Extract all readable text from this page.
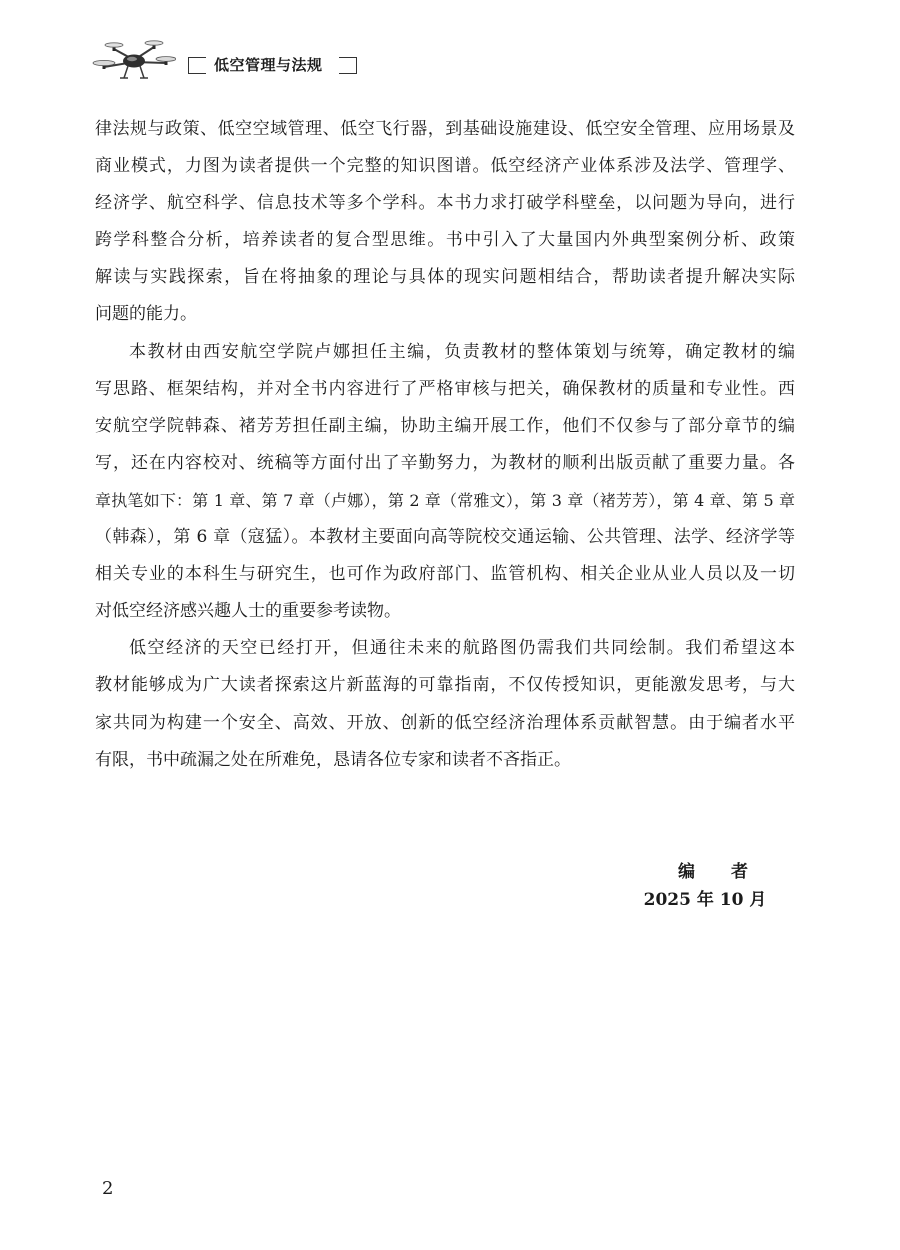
低空管理与法规
律法规与政策、低空空域管理、低空飞行器，到基础设施建设、低空安全管理、应用场景及
商业模式，力图为读者提供一个完整的知识图谱。低空经济产业体系涉及法学、管理学、
经济学、航空科学、信息技术等多个学科。本书力求打破学科壁垒，以问题为导向，进行
跨学科整合分析，培养读者的复合型思维。书中引入了大量国内外典型案例分析、政策
解读与实践探索，旨在将抽象的理论与具体的现实问题相结合，帮助读者提升解决实际
问题的能力。
本教材由西安航空学院卢娜担任主编，负责教材的整体策划与统筹，确定教材的编
写思路、框架结构，并对全书内容进行了严格审核与把关，确保教材的质量和专业性。西
安航空学院韩森、褚芳芳担任副主编，协助主编开展工作，他们不仅参与了部分章节的编
写，还在内容校对、统稿等方面付出了辛勤努力，为教材的顺利出版贡献了重要力量。各
章执笔如下：第 1 章、第 7 章（卢娜），第 2 章（常雅文），第 3 章（褚芳芳），第 4 章、第 5 章
（韩森），第 6 章（寇猛）。本教材主要面向高等院校交通运输、公共管理、法学、经济学等
相关专业的本科生与研究生，也可作为政府部门、监管机构、相关企业从业人员以及一切
对低空经济感兴趣人士的重要参考读物。
低空经济的天空已经打开，但通往未来的航路图仍需我们共同绘制。我们希望这本
教材能够成为广大读者探索这片新蓝海的可靠指南，不仅传授知识，更能激发思考，与大
家共同为构建一个安全、高效、开放、创新的低空经济治理体系贡献智慧。由于编者水平
有限，书中疏漏之处在所难免，恳请各位专家和读者不吝指正。
编 者
2025 年 10 月
2
